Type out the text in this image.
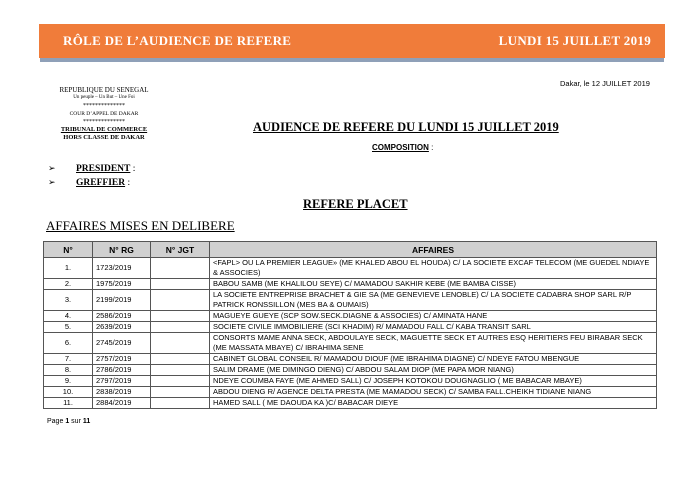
RÔLE DE L’AUDIENCE DE REFERE	LUNDI 15 JUILLET 2019
Dakar, le 12 JUILLET 2019
REPUBLIQUE DU SENEGAL
Un peuple – Un But – Une Foi
**************
COUR D’APPEL DE DAKAR
**************
TRIBUNAL DE COMMERCE
HORS CLASSE DE DAKAR
AUDIENCE DE REFERE DU LUNDI 15 JUILLET 2019
COMPOSITION :
➢ PRESIDENT :
➢ GREFFIER :
REFERE PLACET
AFFAIRES MISES EN DELIBERE
N°	N° RG	N° JGT	AFFAIRES
1.	1723/2019		<FAPL> OU LA PREMIER LEAGUE» (ME KHALED ABOU EL HOUDA) C/ LA SOCIETE EXCAF TELECOM (ME GUEDEL NDIAYE & ASSOCIES)
2.	1975/2019		BABOU SAMB (ME KHALILOU SEYE) C/ MAMADOU SAKHIR KEBE (ME BAMBA CISSE)
3.	2199/2019		LA SOCIETE ENTREPRISE BRACHET & GIE SA (ME GENEVIEVE LENOBLE) C/ LA SOCIETE CADABRA SHOP SARL R/P PATRICK RONSSILLON (MES BA & OUMAIS)
4.	2586/2019		MAGUEYE GUEYE (SCP SOW.SECK.DIAGNE & ASSOCIES) C/ AMINATA HANE
5.	2639/2019		SOCIETE CIVILE IMMOBILIERE (SCI KHADIM) R/ MAMADOU FALL C/ KABA TRANSIT SARL
6.	2745/2019		CONSORTS MAME ANNA SECK, ABDOULAYE SECK, MAGUETTE SECK ET AUTRES ESQ HERITIERS FEU BIRABAR SECK (ME MASSATA MBAYE) C/ IBRAHIMA SENE
7.	2757/2019		CABINET GLOBAL CONSEIL R/ MAMADOU DIOUF (ME IBRAHIMA DIAGNE) C/ NDEYE FATOU MBENGUE
8.	2786/2019		SALIM DRAME (ME DIMINGO DIENG) C/ ABDOU SALAM DIOP (ME PAPA MOR NIANG)
9.	2797/2019		NDEYE COUMBA FAYE (ME AHMED SALL) C/ JOSEPH KOTOKOU DOUGNAGLIO ( ME BABACAR MBAYE)
10.	2838/2019		ABDOU DIENG R/ AGENCE DELTA PRESTA (ME MAMADOU SECK) C/ SAMBA FALL.CHEIKH TIDIANE NIANG
11.	2884/2019		HAMED SALL ( ME DAOUDA KA )C/ BABACAR DIEYE
Page 1 sur 11
